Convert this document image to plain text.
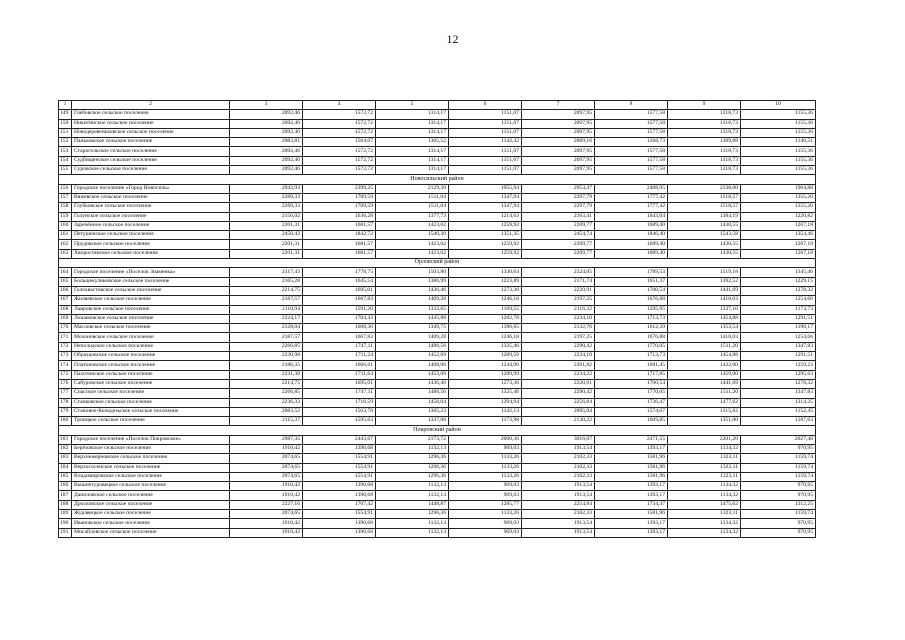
12
1	2	3	4	5	6	7	8	9	10
149	Глебовское сельское поселение	2092,46	1572,72	1314,17	1151,07	2097,95	1577,58	1318,73	1155,36
150	Никитинское сельское поселение	2092,46	1572,72	1314,17	1151,07	2097,95	1577,58	1318,73	1155,36
151	Новодеревеньковское сельское поселение	2092,46	1572,72	1314,17	1151,07	2097,95	1577,58	1318,73	1155,36
152	Паньковское сельское поселение	2083,81	1564,07	1305,52	1142,42	2089,16	1568,73	1309,88	1146,51
153	Старогольское сельское поселение	2092,46	1572,72	1314,17	1151,07	2097,95	1577,58	1318,73	1155,36
154	Судбищенское сельское поселение	2092,46	1572,72	1314,17	1151,07	2097,95	1577,58	1318,73	1155,36
155	Суровское сельское поселение	2092,46	1572,72	1314,17	1151,07	2097,95	1577,58	1318,73	1155,36
Новосильский район									
156	Городское поселение «Город Новосиль»	2942,93	2399,25	2129,30	1955,94	2953,47	2408,95	2138,60	1964,88
157	Вяжевское сельское поселение	2289,33	1769,59	1511,04	1347,94	2297,79	1777,42	1518,57	1355,20
158	Глубковское сельское поселение	2289,33	1769,59	1511,04	1347,94	2297,79	1777,42	1518,57	1355,20
159	Голунское сельское поселение	2156,02	1636,28	1377,73	1214,63	2163,41	1643,04	1384,19	1220,82
160	Заречённое сельское поселение	2201,31	1681,57	1423,02	1259,92	2209,77	1689,40	1430,55	1267,18
161	Петушенское сельское поселение	2450,43	1842,72	1540,30	1351,35	2454,74	1846,40	1543,58	1354,46
162	Прудовское сельское поселение	2201,31	1681,57	1423,02	1259,92	2209,77	1689,40	1430,55	1267,18
163	Хворостянское сельское поселение	2201,31	1681,57	1423,02	1259,92	2209,77	1689,40	1430,55	1267,18
Орловский район									
164	Городское поселение «Поселок Знаменка»	2317,43	1778,75	1503,80	1330,64	2324,05	1789,53	1519,18	1345,46
165	Большекуликовское сельское поселение	2165,28	1645,54	1386,99	1223,89	2171,74	1651,37	1392,52	1229,15
166	Голохвастовское сельское поселение	2214,75	1695,01	1436,46	1273,36	2220,91	1700,54	1441,69	1278,32
167	Жиляевское сельское поселение	2187,57	1667,83	1409,28	1246,18	2197,25	1676,88	1418,03	1254,66
168	Лавровское сельское поселение	2110,94	1591,20	1332,65	1169,55	2116,32	1595,95	1337,10	1173,73
169	Лошаковское сельское поселение	2224,17	1704,43	1445,88	1282,78	2234,10	1713,73	1454,88	1291,51
170	Масловское сельское поселение	2128,04	1608,30	1349,75	1186,65	2132,76	1612,39	1353,54	1190,17
171	Мохоновское сельское поселение	2187,57	1667,83	1409,28	1246,18	2197,25	1676,88	1418,03	1254,66
172	Неполодское сельское поселение	2266,85	1747,11	1488,56	1325,46	2290,42	1770,05	1511,20	1347,83
173	Образцовское сельское поселение	2230,98	1711,24	1452,69	1289,59	2234,10	1713,73	1454,88	1291,51
174	Платоновское сельское поселение	2186,35	1666,61	1408,06	1244,96	2201,82	1681,45	1422,60	1259,23
175	Пахотинское сельское поселение	2231,38	1711,64	1453,09	1289,99	2234,22	1717,85	1459,00	1295,63
176	Сабуровское сельское поселение	2214,75	1695,01	1436,46	1273,36	2220,91	1700,54	1441,69	1278,32
177	Спасское сельское поселение	2266,85	1747,11	1488,56	1325,46	2290,42	1770,05	1511,20	1347,83
178	Станковское сельское поселение	2236,33	1716,59	1458,04	1294,94	2256,84	1736,47	1477,62	1314,25
179	Становое-Колодезьское сельское поселение	2083,52	1563,78	1305,23	1142,13	2095,04	1574,67	1315,82	1152,45
180	Троицкое сельское поселение	2115,37	1595,63	1337,08	1173,98	2130,22	1609,85	1351,00	1187,63
Покровский район									
181	Городское поселение «Поселок Покровское»	2987,35	2443,67	2173,72	2000,36	3016,07	2471,55	2201,20	2027,48
182	Берёзовское сельское поселение	1910,42	1390,68	1132,13	969,03	1913,54	1393,17	1134,32	970,95
183	Верхнежерновское сельское поселение	2074,65	1554,91	1296,36	1133,26	2102,33	1581,96	1323,11	1159,74
184	Верхососенское сельское поселение	2074,65	1554,91	1296,36	1133,26	2102,33	1581,96	1323,11	1159,74
185	Владимировское сельское поселение	2074,65	1554,91	1296,36	1133,26	2102,33	1581,96	1323,11	1159,74
186	Вышнетуровецкое сельское поселение	1910,42	1390,68	1132,13	969,03	1913,54	1393,17	1134,32	970,95
187	Даниловское сельское поселение	1910,42	1390,68	1132,13	969,03	1913,54	1393,17	1134,32	970,95
188	Дросковское сельское поселение	2227,16	1707,42	1448,87	1285,77	2254,84	1734,47	1475,62	1312,25
189	Журавецкое сельское поселение	2074,65	1554,91	1296,36	1133,26	2102,33	1581,96	1323,11	1159,74
190	Ивановское сельское поселение	1910,42	1390,68	1132,13	969,03	1913,54	1393,17	1134,32	970,95
191	Мисайловское сельское поселение	1910,42	1390,68	1132,13	969,03	1913,54	1393,17	1134,32	970,95
